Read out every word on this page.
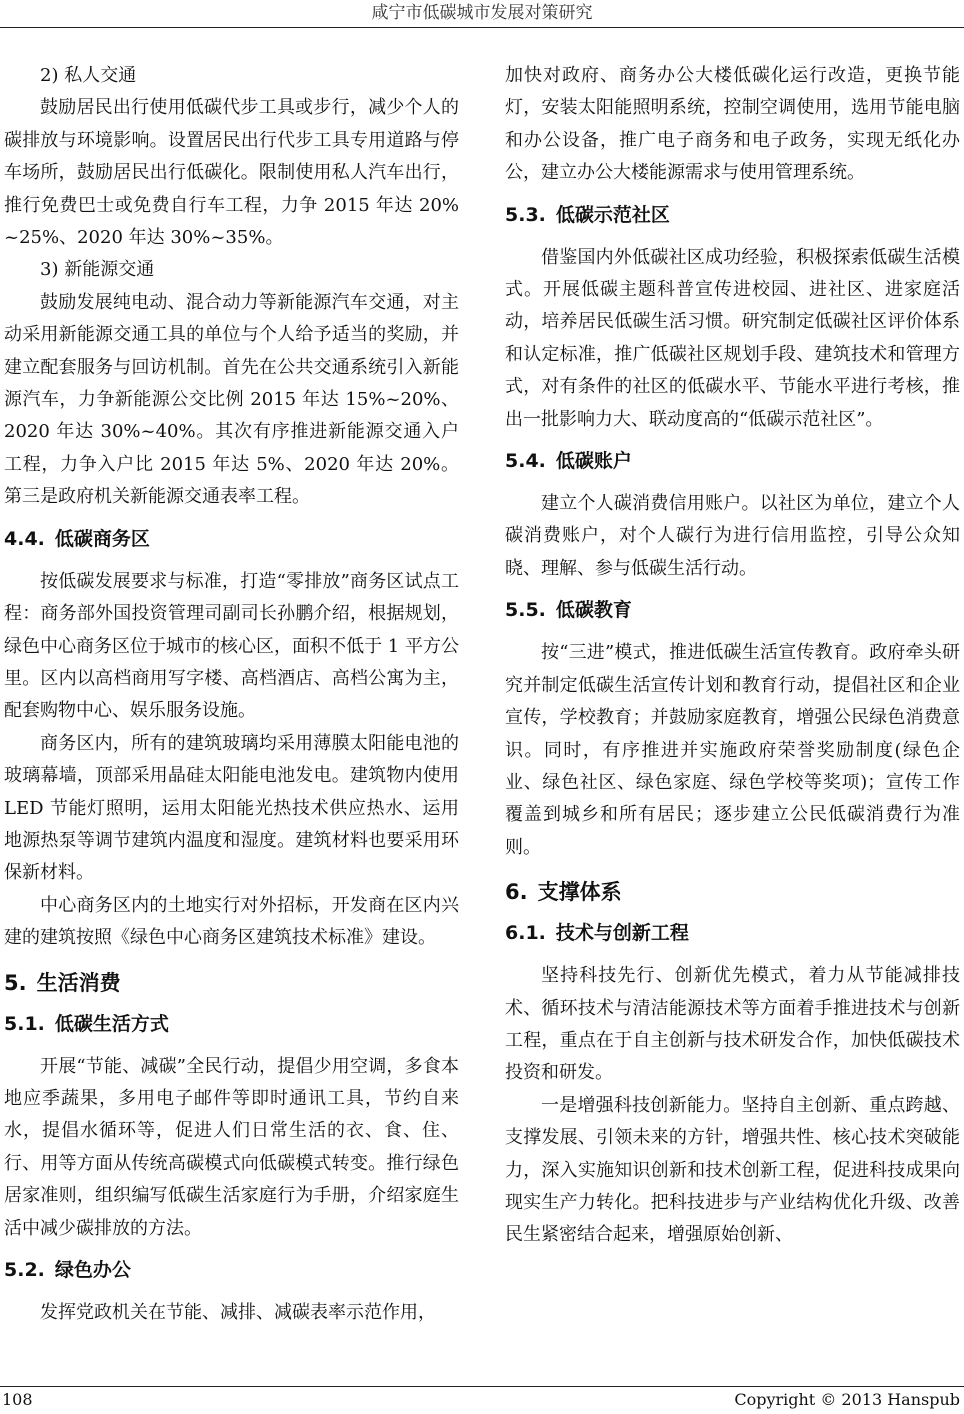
咸宁市低碳城市发展对策研究

2) 私人交通

鼓励居民出行使用低碳代步工具或步行，减少个人的碳排放与环境影响。设置居民出行代步工具专用道路与停车场所，鼓励居民出行低碳化。限制使用私人汽车出行，推行免费巴士或免费自行车工程，力争 2015 年达 20%~25%、2020 年达 30%~35%。

3) 新能源交通

鼓励发展纯电动、混合动力等新能源汽车交通，对主动采用新能源交通工具的单位与个人给予适当的奖励，并建立配套服务与回访机制。首先在公共交通系统引入新能源汽车，力争新能源公交比例 2015 年达 15%~20%、2020 年达 30%~40%。其次有序推进新能源交通入户工程，力争入户比 2015 年达 5%、2020 年达 20%。第三是政府机关新能源交通表率工程。

4.4. 低碳商务区

按低碳发展要求与标准，打造“零排放”商务区试点工程：商务部外国投资管理司副司长孙鹏介绍，根据规划，绿色中心商务区位于城市的核心区，面积不低于 1 平方公里。区内以高档商用写字楼、高档酒店、高档公寓为主，配套购物中心、娱乐服务设施。

商务区内，所有的建筑玻璃均采用薄膜太阳能电池的玻璃幕墙，顶部采用晶硅太阳能电池发电。建筑物内使用 LED 节能灯照明，运用太阳能光热技术供应热水、运用地源热泵等调节建筑内温度和湿度。建筑材料也要采用环保新材料。

中心商务区内的土地实行对外招标，开发商在区内兴建的建筑按照《绿色中心商务区建筑技术标准》建设。

5. 生活消费
5.1. 低碳生活方式

开展“节能、减碳”全民行动，提倡少用空调，多食本地应季蔬果，多用电子邮件等即时通讯工具，节约自来水，提倡水循环等，促进人们日常生活的衣、食、住、行、用等方面从传统高碳模式向低碳模式转变。推行绿色居家准则，组织编写低碳生活家庭行为手册，介绍家庭生活中减少碳排放的方法。

5.2. 绿色办公

发挥党政机关在节能、减排、减碳表率示范作用，

加快对政府、商务办公大楼低碳化运行改造，更换节能灯，安装太阳能照明系统，控制空调使用，选用节能电脑和办公设备，推广电子商务和电子政务，实现无纸化办公，建立办公大楼能源需求与使用管理系统。

5.3. 低碳示范社区

借鉴国内外低碳社区成功经验，积极探索低碳生活模式。开展低碳主题科普宣传进校园、进社区、进家庭活动，培养居民低碳生活习惯。研究制定低碳社区评价体系和认定标准，推广低碳社区规划手段、建筑技术和管理方式，对有条件的社区的低碳水平、节能水平进行考核，推出一批影响力大、联动度高的“低碳示范社区”。

5.4. 低碳账户

建立个人碳消费信用账户。以社区为单位，建立个人碳消费账户，对个人碳行为进行信用监控，引导公众知晓、理解、参与低碳生活行动。

5.5. 低碳教育

按“三进”模式，推进低碳生活宣传教育。政府牵头研究并制定低碳生活宣传计划和教育行动，提倡社区和企业宣传，学校教育；并鼓励家庭教育，增强公民绿色消费意识。同时，有序推进并实施政府荣誉奖励制度(绿色企业、绿色社区、绿色家庭、绿色学校等奖项)；宣传工作覆盖到城乡和所有居民；逐步建立公民低碳消费行为准则。

6. 支撑体系
6.1. 技术与创新工程

坚持科技先行、创新优先模式，着力从节能减排技术、循环技术与清洁能源技术等方面着手推进技术与创新工程，重点在于自主创新与技术研发合作，加快低碳技术投资和研发。

一是增强科技创新能力。坚持自主创新、重点跨越、支撑发展、引领未来的方针，增强共性、核心技术突破能力，深入实施知识创新和技术创新工程，促进科技成果向现实生产力转化。把科技进步与产业结构优化升级、改善民生紧密结合起来，增强原始创新、

108	Copyright © 2013 Hanspub
